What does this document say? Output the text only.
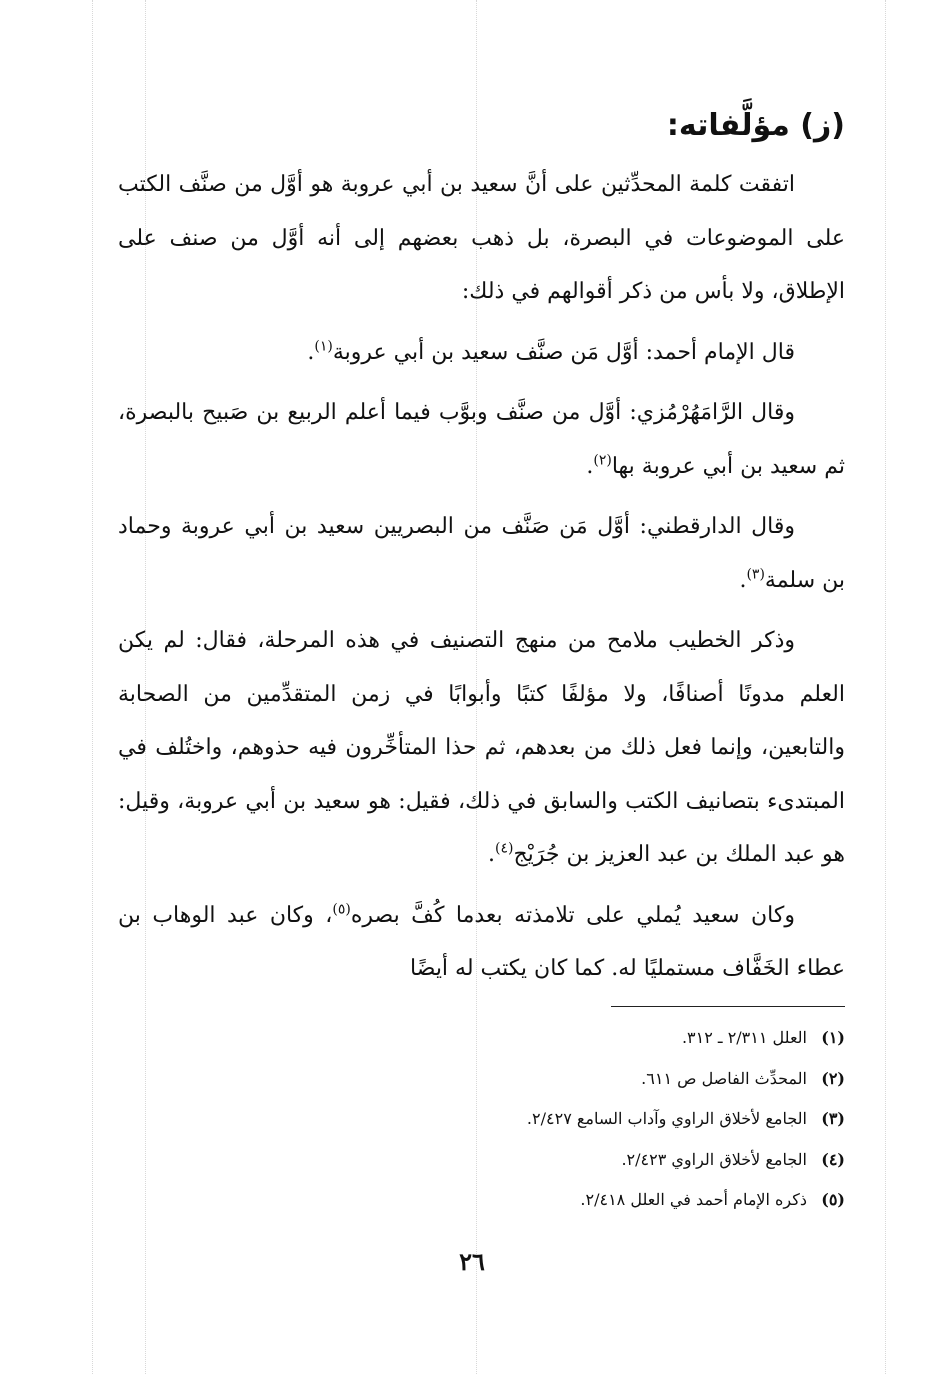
(ز) مؤلَّفاته:

اتفقت كلمة المحدِّثين على أنَّ سعيد بن أبي عروبة هو أوَّل من صنَّف الكتب على الموضوعات في البصرة، بل ذهب بعضهم إلى أنه أوَّل من صنف على الإطلاق، ولا بأس من ذكر أقوالهم في ذلك:

قال الإمام أحمد: أوَّل مَن صنَّف سعيد بن أبي عروبة$^{(١)}$.

وقال الرَّامَهُرْمُزي: أوَّل من صنَّف وبوَّب فيما أعلم الربيع بن صَبيح بالبصرة، ثم سعيد بن أبي عروبة بها$^{(٢)}$.

وقال الدارقطني: أوَّل مَن صَنَّف من البصريين سعيد بن أبي عروبة وحماد بن سلمة$^{(٣)}$.

وذكر الخطيب ملامح من منهج التصنيف في هذه المرحلة، فقال: لم يكن العلم مدونًا أصنافًا، ولا مؤلفًا كتبًا وأبوابًا في زمن المتقدِّمين من الصحابة والتابعين، وإنما فعل ذلك من بعدهم، ثم حذا المتأخِّرون فيه حذوهم، واختُلف في المبتدىء بتصانيف الكتب والسابق في ذلك، فقيل: هو سعيد بن أبي عروبة، وقيل: هو عبد الملك بن عبد العزيز بن جُرَيْج$^{(٤)}$.

وكان سعيد يُملي على تلامذته بعدما كُفَّ بصره$^{(٥)}$، وكان عبد الوهاب بن عطاء الخَفَّاف مستمليًا له. كما كان يكتب له أيضًا

(١)العلل ٢/٣١١ ـ ٣١٢.
(٢)المحدِّث الفاصل ص ٦١١.
(٣)الجامع لأخلاق الراوي وآداب السامع ٢/٤٢٧.
(٤)الجامع لأخلاق الراوي ٢/٤٢٣.
(٥)ذكره الإمام أحمد في العلل ٢/٤١٨.
٢٦
